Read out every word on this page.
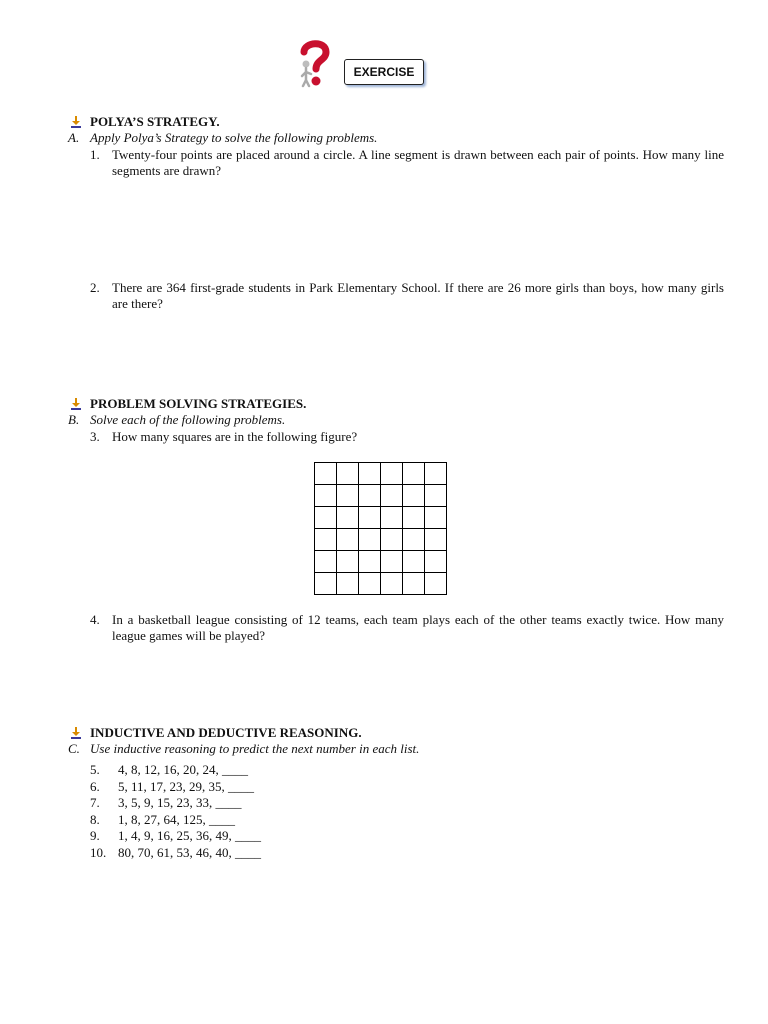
EXERCISE
POLYA’S STRATEGY.
A. Apply Polya’s Strategy to solve the following problems.
1. Twenty-four points are placed around a circle. A line segment is drawn between each pair of points. How many line segments are drawn?
2. There are 364 first-grade students in Park Elementary School. If there are 26 more girls than boys, how many girls are there?
PROBLEM SOLVING STRATEGIES.
B. Solve each of the following problems.
3. How many squares are in the following figure?

4. In a basketball league consisting of 12 teams, each team plays each of the other teams exactly twice. How many league games will be played?
INDUCTIVE AND DEDUCTIVE REASONING.
C. Use inductive reasoning to predict the next number in each list.
5.	4, 8, 12, 16, 20, 24, ____
6.	5, 11, 17, 23, 29, 35, ____
7.	3, 5, 9, 15, 23, 33, ____
8.	1, 8, 27, 64, 125, ____
9.	1, 4, 9, 16, 25, 36, 49, ____
10. 80, 70, 61, 53, 46, 40, ____
